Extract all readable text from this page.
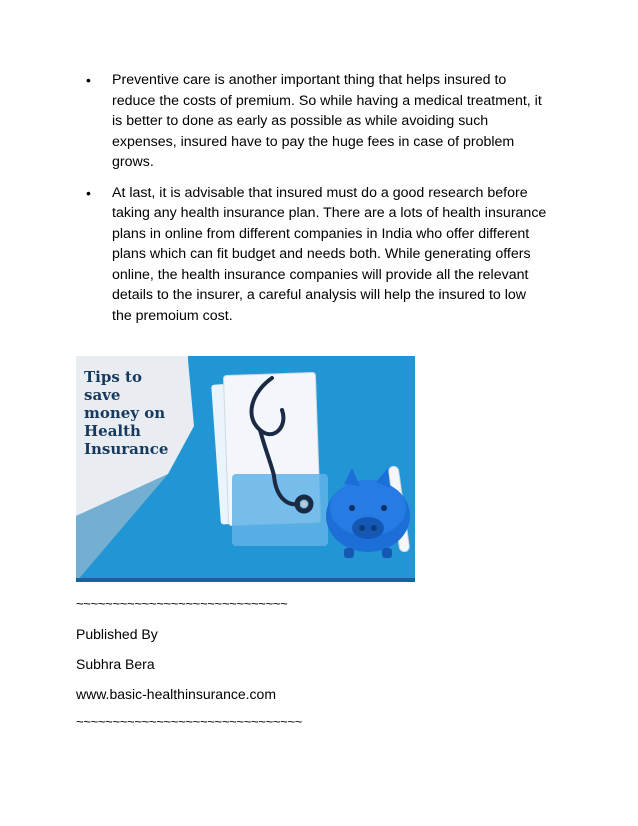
• Preventive care is another important thing that helps insured to
reduce the costs of premium. So while having a medical treatment, it
is better to done as early as possible as while avoiding such
expenses, insured have to pay the huge fees in case of problem
grows.
• At last, it is advisable that insured must do a good research before
taking any health insurance plan. There are a lots of health insurance
plans in online from different companies in India who offer different
plans which can fit budget and needs both. While generating offers
online, the health insurance companies will provide all the relevant
details to the insurer, a careful analysis will help the insured to low
the premoium cost.
Tips to
save
money on
Health
Insurance
~~~~~~~~~~~~~~~~~~~~~~~~~~~~~
Published By
Subhra Bera
www.basic-healthinsurance.com
~~~~~~~~~~~~~~~~~~~~~~~~~~~~~~~
